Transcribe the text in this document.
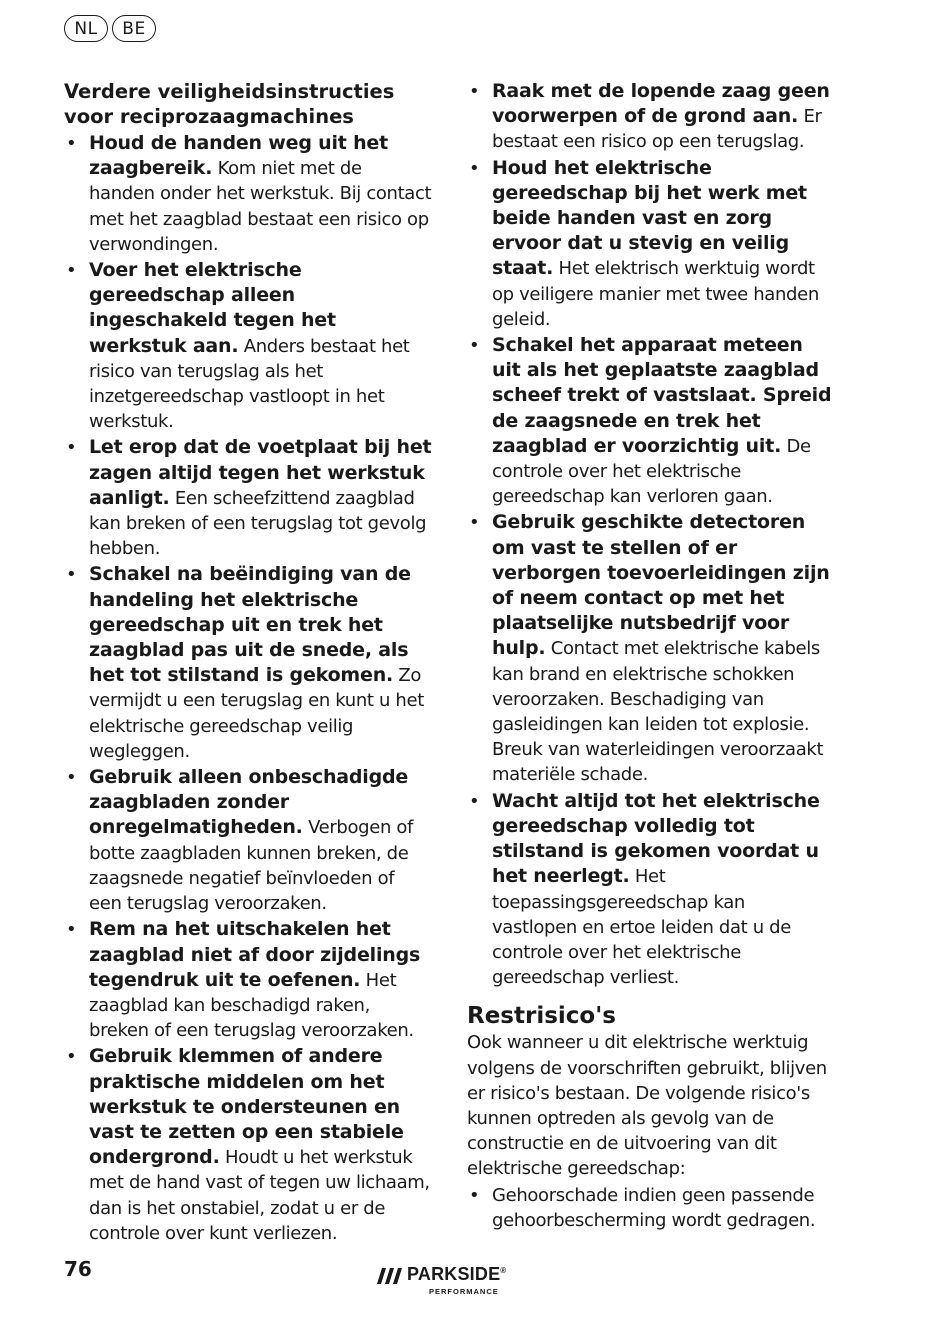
NL	BE
Verdere veiligheidsinstructies voor reciprozaagmachines
• Houd de handen weg uit het zaagbereik. Kom niet met de handen onder het werkstuk. Bij contact met het zaagblad bestaat een risico op verwondingen.
• Voer het elektrische gereedschap alleen ingeschakeld tegen het werkstuk aan. Anders bestaat het risico van terugslag als het inzetgereedschap vastloopt in het werkstuk.
• Let erop dat de voetplaat bij het zagen altijd tegen het werkstuk aanligt. Een scheefzittend zaagblad kan breken of een terugslag tot gevolg hebben.
• Schakel na beëindiging van de handeling het elektrische gereedschap uit en trek het zaagblad pas uit de snede, als het tot stilstand is gekomen. Zo vermijdt u een terugslag en kunt u het elektrische gereedschap veilig wegleggen.
• Gebruik alleen onbeschadigde zaagbladen zonder onregelmatigheden. Verbogen of botte zaagbladen kunnen breken, de zaagsnede negatief beïnvloeden of een terugslag veroorzaken.
• Rem na het uitschakelen het zaagblad niet af door zijdelings tegendruk uit te oefenen. Het zaagblad kan beschadigd raken, breken of een terugslag veroorzaken.
• Gebruik klemmen of andere praktische middelen om het werkstuk te ondersteunen en vast te zetten op een stabiele ondergrond. Houdt u het werkstuk met de hand vast of tegen uw lichaam, dan is het onstabiel, zodat u er de controle over kunt verliezen.
• Raak met de lopende zaag geen voorwerpen of de grond aan. Er bestaat een risico op een terugslag.
• Houd het elektrische gereedschap bij het werk met beide handen vast en zorg ervoor dat u stevig en veilig staat. Het elektrisch werktuig wordt op veiligere manier met twee handen geleid.
• Schakel het apparaat meteen uit als het geplaatste zaagblad scheef trekt of vastslaat. Spreid de zaagsnede en trek het zaagblad er voorzichtig uit. De controle over het elektrische gereedschap kan verloren gaan.
• Gebruik geschikte detectoren om vast te stellen of er verborgen toevoerleidingen zijn of neem contact op met het plaatselijke nutsbedrijf voor hulp. Contact met elektrische kabels kan brand en elektrische schokken veroorzaken. Beschadiging van gasleidingen kan leiden tot explosie. Breuk van waterleidingen veroorzaakt materiële schade.
• Wacht altijd tot het elektrische gereedschap volledig tot stilstand is gekomen voordat u het neerlegt. Het toepassingsgereedschap kan vastlopen en ertoe leiden dat u de controle over het elektrische gereedschap verliest.
Restrisico's
Ook wanneer u dit elektrische werktuig volgens de voorschriften gebruikt, blijven er risico's bestaan. De volgende risico's kunnen optreden als gevolg van de constructie en de uitvoering van dit elektrische gereedschap:
• Gehoorschade indien geen passende gehoorbescherming wordt gedragen.
76	PARKSIDE®
PERFORMANCE
